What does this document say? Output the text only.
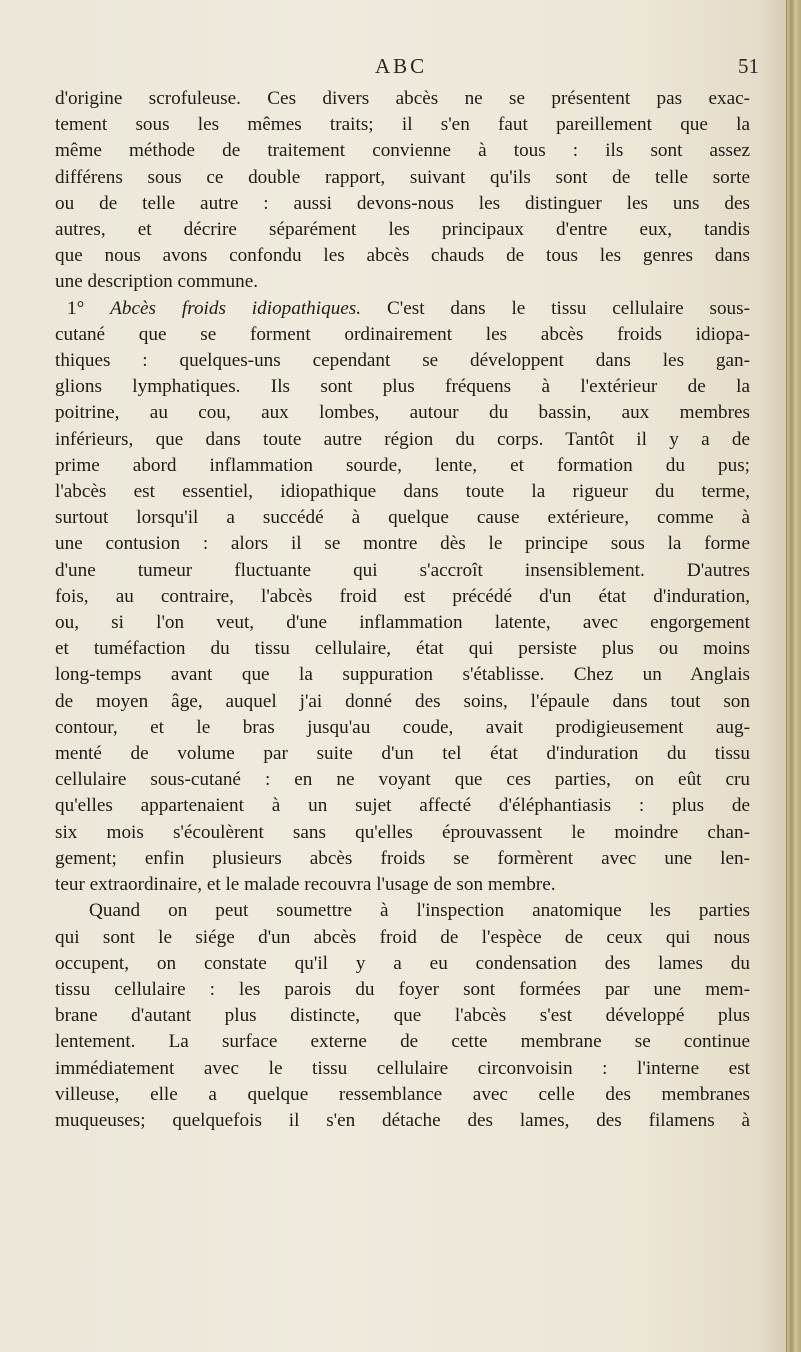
ABC	51
d'origine scrofuleuse. Ces divers abcès ne se présentent pas exac-
tement sous les mêmes traits; il s'en faut pareillement que la
même méthode de traitement convienne à tous : ils sont assez
différens sous ce double rapport, suivant qu'ils sont de telle sorte
ou de telle autre : aussi devons-nous les distinguer les uns des
autres, et décrire séparément les principaux d'entre eux, tandis
que nous avons confondu les abcès chauds de tous les genres dans
une description commune.
1° Abcès froids idiopathiques. C'est dans le tissu cellulaire sous-
cutané que se forment ordinairement les abcès froids idiopa-
thiques : quelques-uns cependant se développent dans les gan-
glions lymphatiques. Ils sont plus fréquens à l'extérieur de la
poitrine, au cou, aux lombes, autour du bassin, aux membres
inférieurs, que dans toute autre région du corps. Tantôt il y a de
prime abord inflammation sourde, lente, et formation du pus;
l'abcès est essentiel, idiopathique dans toute la rigueur du terme,
surtout lorsqu'il a succédé à quelque cause extérieure, comme à
une contusion : alors il se montre dès le principe sous la forme
d'une tumeur fluctuante qui s'accroît insensiblement. D'autres
fois, au contraire, l'abcès froid est précédé d'un état d'induration,
ou, si l'on veut, d'une inflammation latente, avec engorgement
et tuméfaction du tissu cellulaire, état qui persiste plus ou moins
long-temps avant que la suppuration s'établisse. Chez un Anglais
de moyen âge, auquel j'ai donné des soins, l'épaule dans tout son
contour, et le bras jusqu'au coude, avait prodigieusement aug-
menté de volume par suite d'un tel état d'induration du tissu
cellulaire sous-cutané : en ne voyant que ces parties, on eût cru
qu'elles appartenaient à un sujet affecté d'éléphantiasis : plus de
six mois s'écoulèrent sans qu'elles éprouvassent le moindre chan-
gement; enfin plusieurs abcès froids se formèrent avec une len-
teur extraordinaire, et le malade recouvra l'usage de son membre.
Quand on peut soumettre à l'inspection anatomique les parties
qui sont le siége d'un abcès froid de l'espèce de ceux qui nous
occupent, on constate qu'il y a eu condensation des lames du
tissu cellulaire : les parois du foyer sont formées par une mem-
brane d'autant plus distincte, que l'abcès s'est développé plus
lentement. La surface externe de cette membrane se continue
immédiatement avec le tissu cellulaire circonvoisin : l'interne est
villeuse, elle a quelque ressemblance avec celle des membranes
muqueuses; quelquefois il s'en détache des lames, des filamens à
